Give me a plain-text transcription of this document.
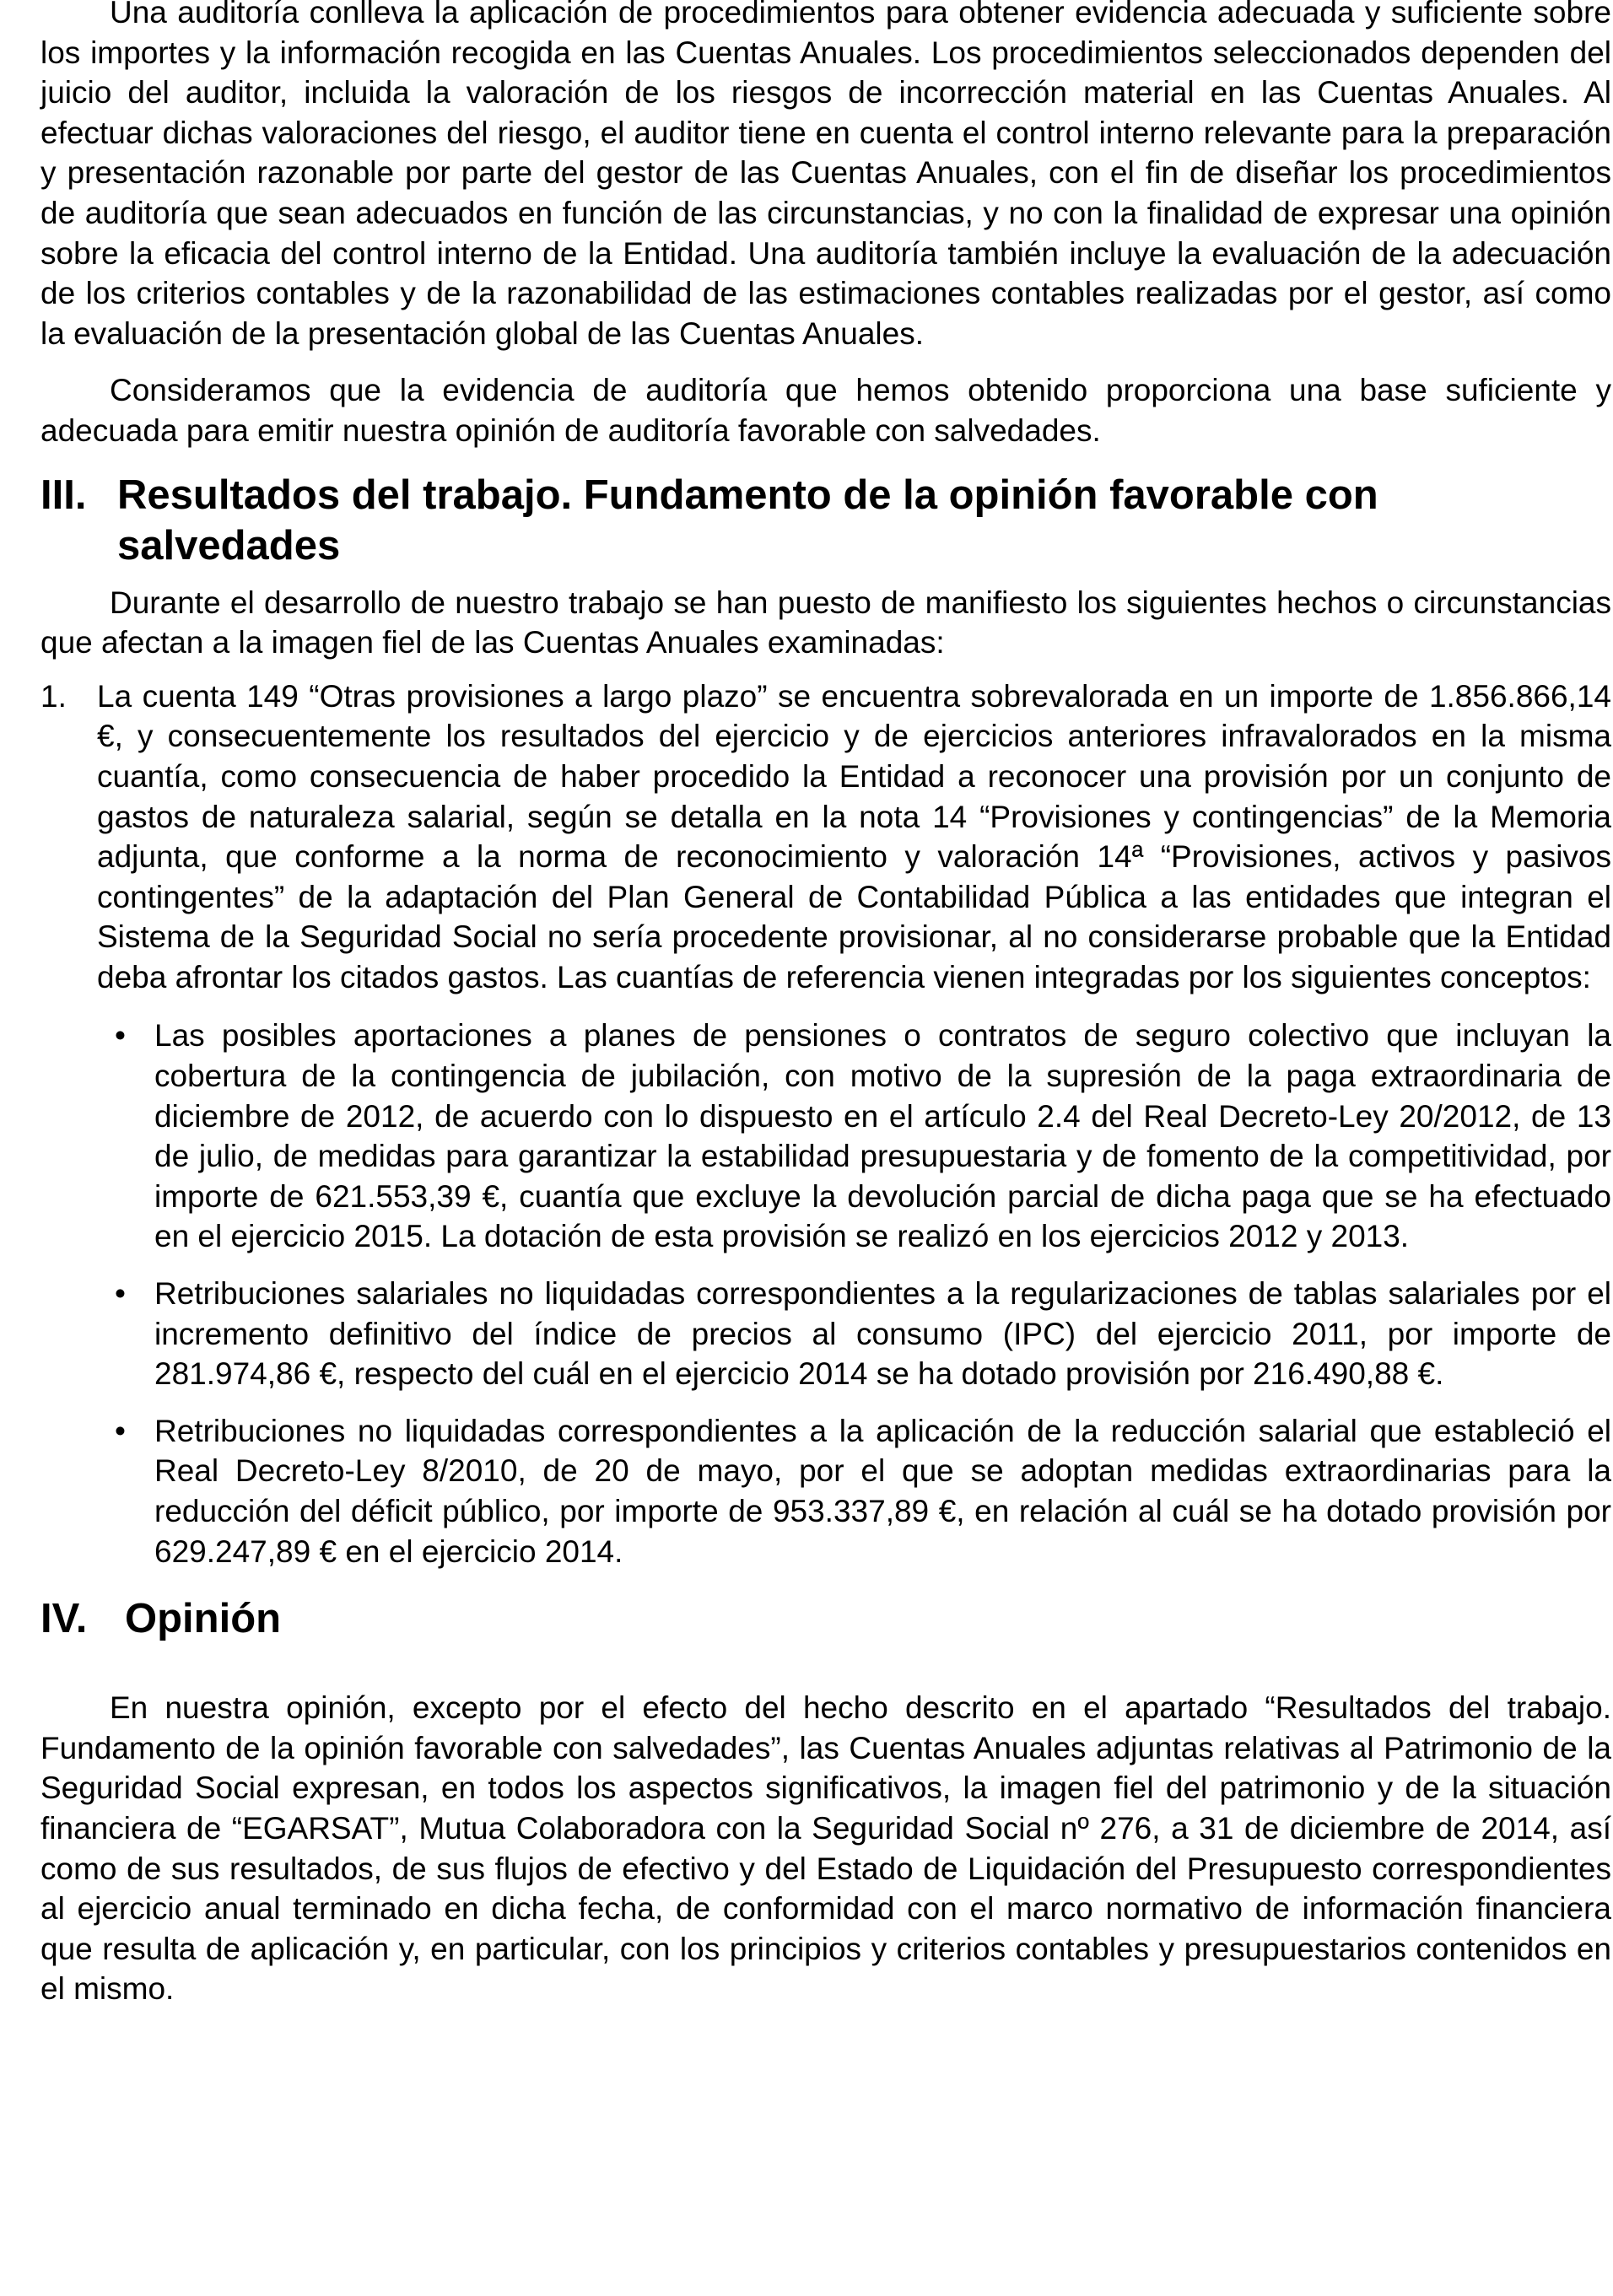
Una auditoría conlleva la aplicación de procedimientos para obtener evidencia adecuada y suficiente sobre los importes y la información recogida en las Cuentas Anuales. Los procedimientos seleccionados dependen del juicio del auditor, incluida la valoración de los riesgos de incorrección material en las Cuentas Anuales. Al efectuar dichas valoraciones del riesgo, el auditor tiene en cuenta el control interno relevante para la preparación y presentación razonable por parte del gestor de las Cuentas Anuales, con el fin de diseñar los procedimientos de auditoría que sean adecuados en función de las circunstancias, y no con la finalidad de expresar una opinión sobre la eficacia del control interno de la Entidad. Una auditoría también incluye la evaluación de la adecuación de los criterios contables y de la razonabilidad de las estimaciones contables realizadas por el gestor, así como la evaluación de la presentación global de las Cuentas Anuales.

Consideramos que la evidencia de auditoría que hemos obtenido proporciona una base suficiente y adecuada para emitir nuestra opinión de auditoría favorable con salvedades.

III. Resultados del trabajo. Fundamento de la opinión favorable con salvedades

Durante el desarrollo de nuestro trabajo se han puesto de manifiesto los siguientes hechos o circunstancias que afectan a la imagen fiel de las Cuentas Anuales examinadas:

1. La cuenta 149 “Otras provisiones a largo plazo” se encuentra sobrevalorada en un importe de 1.856.866,14 €, y consecuentemente los resultados del ejercicio y de ejercicios anteriores infravalorados en la misma cuantía, como consecuencia de haber procedido la Entidad a reconocer una provisión por un conjunto de gastos de naturaleza salarial, según se detalla en la nota 14 “Provisiones y contingencias” de la Memoria adjunta, que conforme a la norma de reconocimiento y valoración 14ª “Provisiones, activos y pasivos contingentes” de la adaptación del Plan General de Contabilidad Pública a las entidades que integran el Sistema de la Seguridad Social no sería procedente provisionar, al no considerarse probable que la Entidad deba afrontar los citados gastos. Las cuantías de referencia vienen integradas por los siguientes conceptos:
• Las posibles aportaciones a planes de pensiones o contratos de seguro colectivo que incluyan la cobertura de la contingencia de jubilación, con motivo de la supresión de la paga extraordinaria de diciembre de 2012, de acuerdo con lo dispuesto en el artículo 2.4 del Real Decreto-Ley 20/2012, de 13 de julio, de medidas para garantizar la estabilidad presupuestaria y de fomento de la competitividad, por importe de 621.553,39 €, cuantía que excluye la devolución parcial de dicha paga que se ha efectuado en el ejercicio 2015. La dotación de esta provisión se realizó en los ejercicios 2012 y 2013.
• Retribuciones salariales no liquidadas correspondientes a la regularizaciones de tablas salariales por el incremento definitivo del índice de precios al consumo (IPC) del ejercicio 2011, por importe de 281.974,86 €, respecto del cuál en el ejercicio 2014 se ha dotado provisión por 216.490,88 €.
• Retribuciones no liquidadas correspondientes a la aplicación de la reducción salarial que estableció el Real Decreto-Ley 8/2010, de 20 de mayo, por el que se adoptan medidas extraordinarias para la reducción del déficit público, por importe de 953.337,89 €, en relación al cuál se ha dotado provisión por 629.247,89 € en el ejercicio 2014.
IV. Opinión

En nuestra opinión, excepto por el efecto del hecho descrito en el apartado “Resultados del trabajo. Fundamento de la opinión favorable con salvedades”, las Cuentas Anuales adjuntas relativas al Patrimonio de la Seguridad Social expresan, en todos los aspectos significativos, la imagen fiel del patrimonio y de la situación financiera de “EGARSAT”, Mutua Colaboradora con la Seguridad Social nº 276, a 31 de diciembre de 2014, así como de sus resultados, de sus flujos de efectivo y del Estado de Liquidación del Presupuesto correspondientes al ejercicio anual terminado en dicha fecha, de conformidad con el marco normativo de información financiera que resulta de aplicación y, en particular, con los principios y criterios contables y presupuestarios contenidos en el mismo.
